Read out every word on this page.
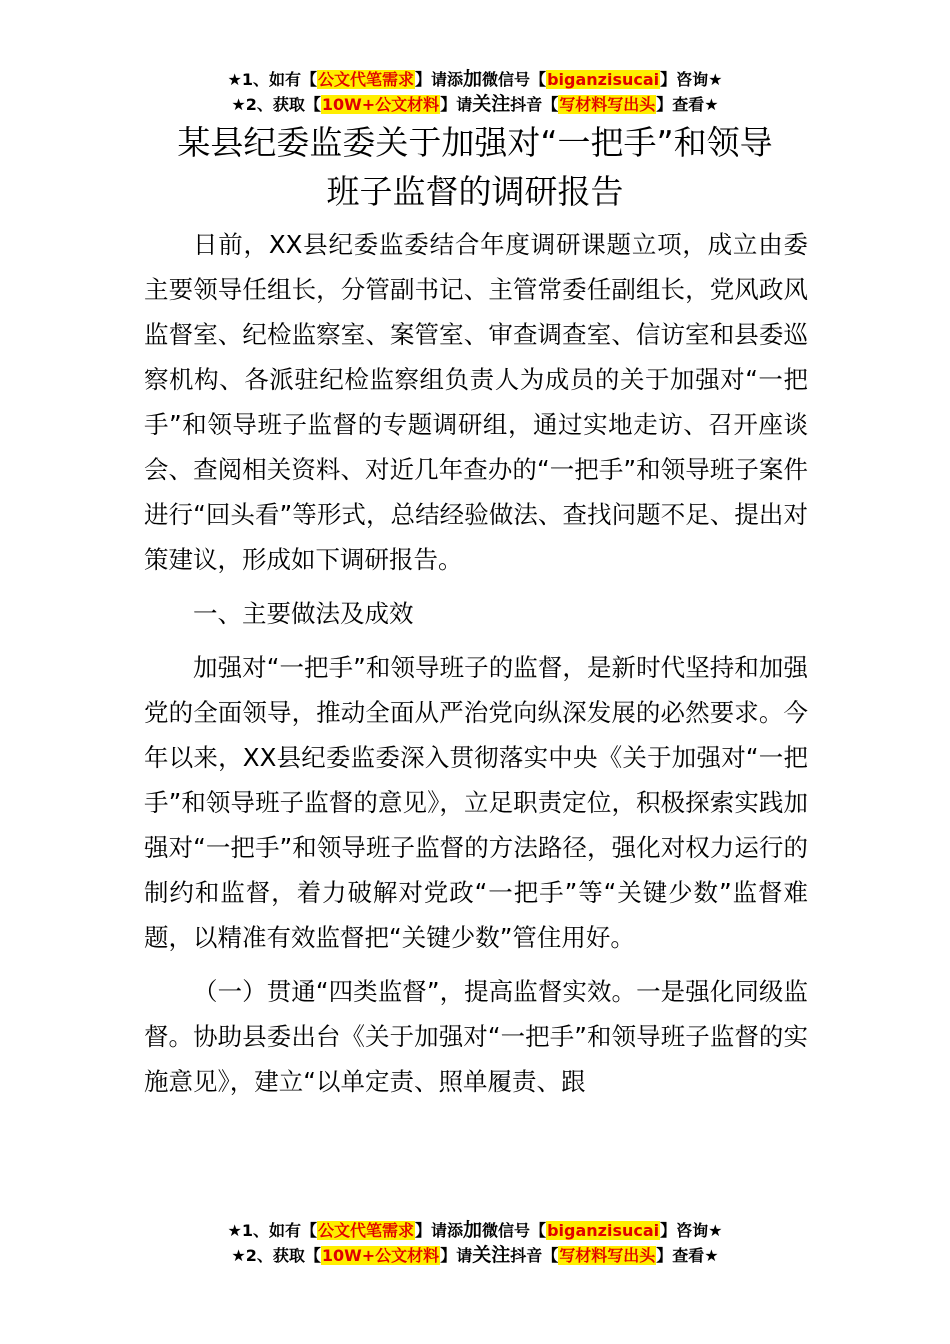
★1、如有【公文代笔需求】请添加微信号【biganzisucai】咨询★
★2、获取【10W+公文材料】请关注抖音【写材料写出头】查看★
某县纪委监委关于加强对“一把手”和领导
班子监督的调研报告

日前，XX县纪委监委结合年度调研课题立项，成立由委主要领导任组长，分管副书记、主管常委任副组长，党风政风监督室、纪检监察室、案管室、审查调查室、信访室和县委巡察机构、各派驻纪检监察组负责人为成员的关于加强对“一把手”和领导班子监督的专题调研组，通过实地走访、召开座谈会、查阅相关资料、对近几年查办的“一把手”和领导班子案件进行“回头看”等形式，总结经验做法、查找问题不足、提出对策建议，形成如下调研报告。

一、主要做法及成效

加强对“一把手”和领导班子的监督，是新时代坚持和加强党的全面领导，推动全面从严治党向纵深发展的必然要求。今年以来，XX县纪委监委深入贯彻落实中央《关于加强对“一把手”和领导班子监督的意见》，立足职责定位，积极探索实践加强对“一把手”和领导班子监督的方法路径，强化对权力运行的制约和监督，着力破解对党政“一把手”等“关键少数”监督难题，以精准有效监督把“关键少数”管住用好。

（一）贯通“四类监督”，提高监督实效。一是强化同级监督。协助县委出台《关于加强对“一把手”和领导班子监督的实施意见》，建立“以单定责、照单履责、跟

★1、如有【公文代笔需求】请添加微信号【biganzisucai】咨询★
★2、获取【10W+公文材料】请关注抖音【写材料写出头】查看★
